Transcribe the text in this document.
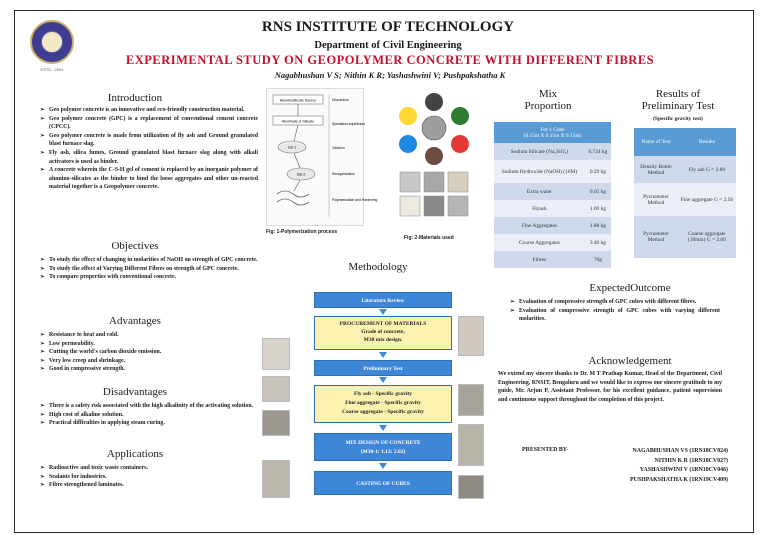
ESTD : 2001
RNS INSTITUTE OF TECHNOLOGY
Department of Civil Engineering
EXPERIMENTAL STUDY ON GEOPOLYMER CONCRETE WITH DIFFERENT FIBRES
Nagabhushan V S; Nithin K R; Yashashwini V; Pushpakshatha K
Introduction
➢ Geo polymer concrete is an innovative and eco-friendly construction material.
➢ Geo polymer concrete (GPC) is a replacement of conventional cement concrete (CPCC).
➢ Geo polymer concrete is made from utilization of fly ash and Ground granulated blast furnace slag.
➢ Fly ash, silica fumes, Ground granulated blast furnace slag along with alkali activators is used as binder.
➢ A concrete wherein the C-S-H gel of cement is replaced by an inorganic polymer of alumino-silicates as the binder to bind the loose aggregates and other un-reacted material together is a Geopolymer concrete.
Objectives
➢ To study the effect of changing in molarities of NaOH on strength of GPC concrete.
➢ To study the effect of Varying Different Fibres on strength of GPC concrete.
➢ To compare properties with conventional concrete.
Advantages
➢ Resistance to heat and cold.
➢ Low permeability.
➢ Cutting the world's carbon dioxide emission.
➢ Very low creep and shrinkage.
➢ Good in compressive strength.
Disadvantages
➢ There is a safety risk associated with the high alkalinity of the activating solution.
➢ High cost of alkaline solution.
➢ Practical difficulties in applying steam curing.
Applications
➢ Radioactive and toxic waste containers.
➢ Sealants for industries.
➢ Fibre strengthened laminates.
Aluminosilicate Source
Aluminate & Silicate
Gel 1
Gel 2
Dissolution
Speciation equilibrium
Gelation
Reorganization
Polymerization and Hardening
Fig: 1-Polymerization process
Fig: 2-Materials used
Mix
Proportion
For 1 Cube
(0.15m X 0.15m X 0.15m)	

Sodium Silicate (Na₂SiO₃)	0.724 kg
Sodium Hydroxide (NaOH) (16M)	0.29 kg
Extra water	0.05 kg
Flyash	1.69 kg
Fine Aggregates	1.88 kg
Course Aggregates	3.40 kg
Fibres	70g
Results of
Preliminary Test
(Specific gravity test)
Name of Test	Results
Density Bottle Method	Fly ash G = 2.88
Pycnometer Method	Fine aggregate G = 2.56
Pycnometer Method	Coarse aggregate (10mm) G = 2.60
Methodology
Literature Review
PROCUREMENT OF MATERIALS
Grade of concrete,
M30 mix design.
Preliminary Test
Fly ash - Specific gravity
Fine aggregate - Specific gravity
Coarse aggregate - Specific gravity
MIX DESIGN OF CONCRETE
(M30-1: 1.12: 2.02)
CASTING OF CUBES
ExpectedOutcome
➢ Evaluation of compressive strength of GPC cubes with different fibres.
➢ Evaluation of compressive strength of GPC cubes with varying different molarities.
Acknowledgement
We extend my sincere thanks to Dr. M T Prathap Kumar, Head of the Department, Civil Engineering, RNSIT, Bengaluru and we would like to express our sincere gratitude to my guide, Mr. Arjun P, Assistant Professor, for his excellent guidance, patient supervision and continuous support throughout the completion of this project.
PRESENTED BY-	NAGABHUSHAN VS (1RN18CV024)
NITHIN K R (1RN18CV027)
YASHASHWINI V (1RN18CV046)
PUSHPAKSHATHA K (1RN19CV409)
